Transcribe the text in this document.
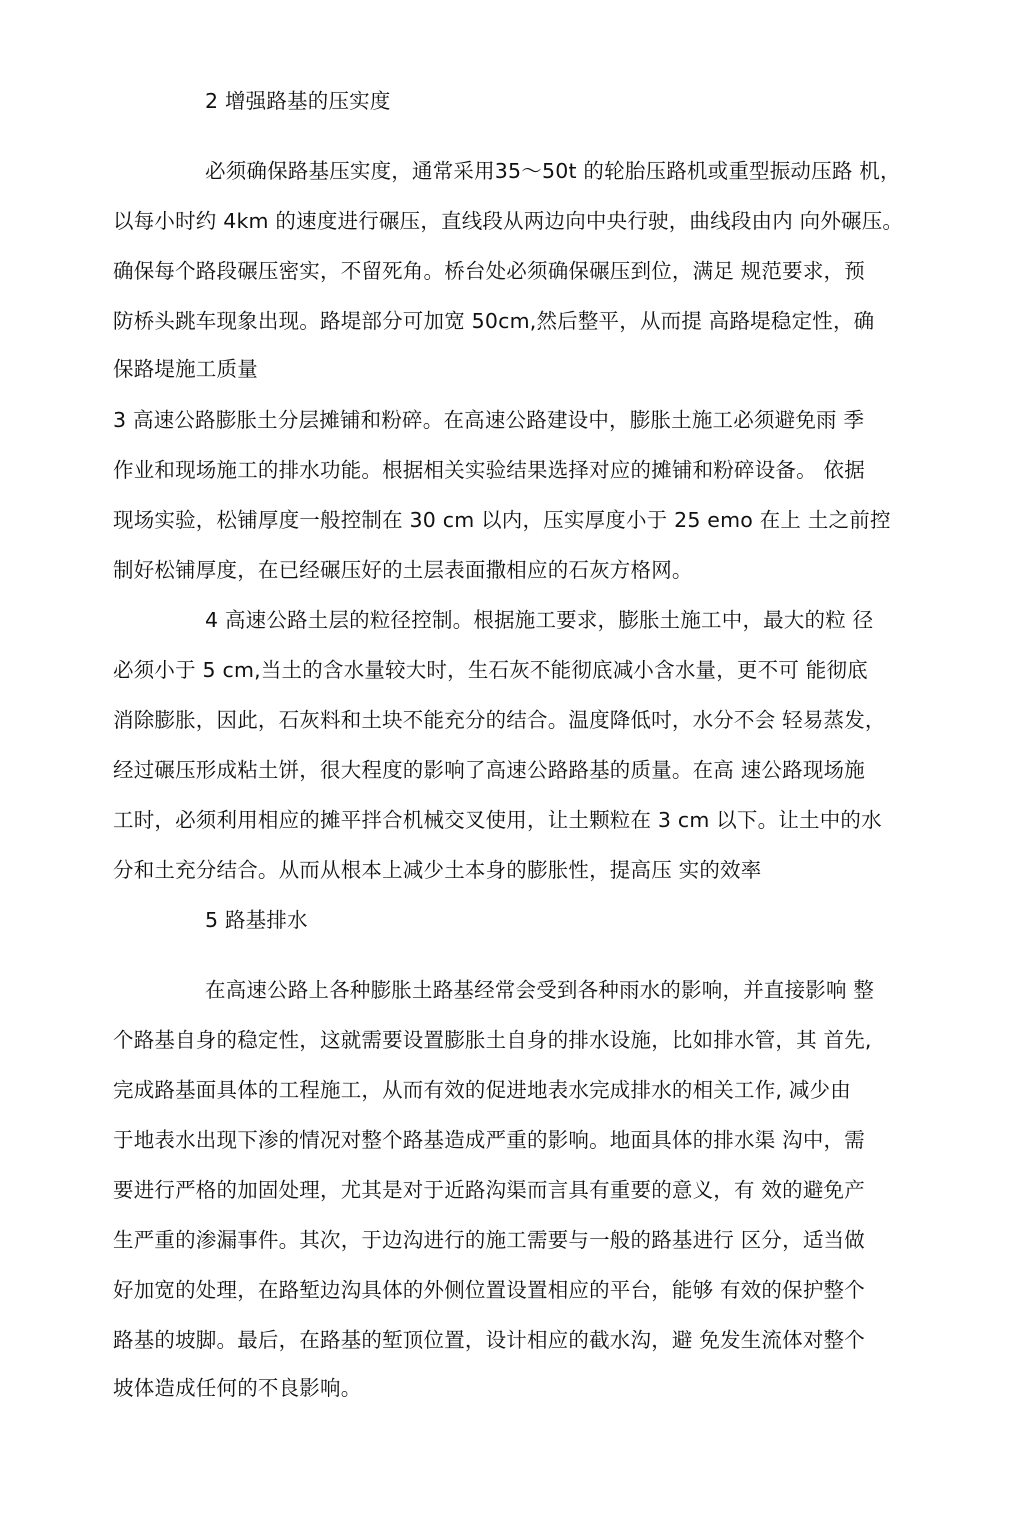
2 增强路基的压实度
必须确保路基压实度，通常采用35～50t 的轮胎压路机或重型振动压路 机，
以每小时约 4km 的速度进行碾压，直线段从两边向中央行驶，曲线段由内 向外碾压。
确保每个路段碾压密实，不留死角。桥台处必须确保碾压到位，满足 规范要求，预
防桥头跳车现象出现。路堤部分可加宽 50cm,然后整平，从而提 高路堤稳定性，确
保路堤施工质量
3 高速公路膨胀土分层摊铺和粉碎。在高速公路建设中，膨胀土施工必须避免雨 季
作业和现场施工的排水功能。根据相关实验结果选择对应的摊铺和粉碎设备。 依据
现场实验，松铺厚度一般控制在 30 cm 以内，压实厚度小于 25 emo 在上 土之前控
制好松铺厚度，在已经碾压好的土层表面撒相应的石灰方格网。
4 高速公路土层的粒径控制。根据施工要求，膨胀土施工中，最大的粒 径
必须小于 5 cm,当土的含水量较大时，生石灰不能彻底减小含水量，更不可 能彻底
消除膨胀，因此，石灰料和土块不能充分的结合。温度降低吋，水分不会 轻易蒸发，
经过碾压形成粘土饼，很大程度的影响了高速公路路基的质量。在高 速公路现场施
工时，必须利用相应的摊平拌合机械交叉使用，让土颗粒在 3 cm 以下。让土中的水
分和土充分结合。从而从根本上减少土本身的膨胀性，提高压 实的效率
5 路基排水
在高速公路上各种膨胀土路基经常会受到各种雨水的影响，并直接影响 整
个路基自身的稳定性，这就需要设置膨胀土自身的排水设施，比如排水管，其 首先,
完成路基面具体的工程施工，从而有效的促进地表水完成排水的相关工作, 减少由
于地表水出现下渗的情况对整个路基造成严重的影响。地面具体的排水渠 沟中，需
要进行严格的加固处理，尤其是对于近路沟渠而言具有重要的意义，有 效的避免产
生严重的渗漏事件。其次，于边沟进行的施工需要与一般的路基进行 区分，适当做
好加宽的处理，在路堑边沟具体的外侧位置设置相应的平台，能够 有效的保护整个
路基的坡脚。最后，在路基的堑顶位置，设计相应的截水沟，避 免发生流体对整个
坡体造成任何的不良影响。
